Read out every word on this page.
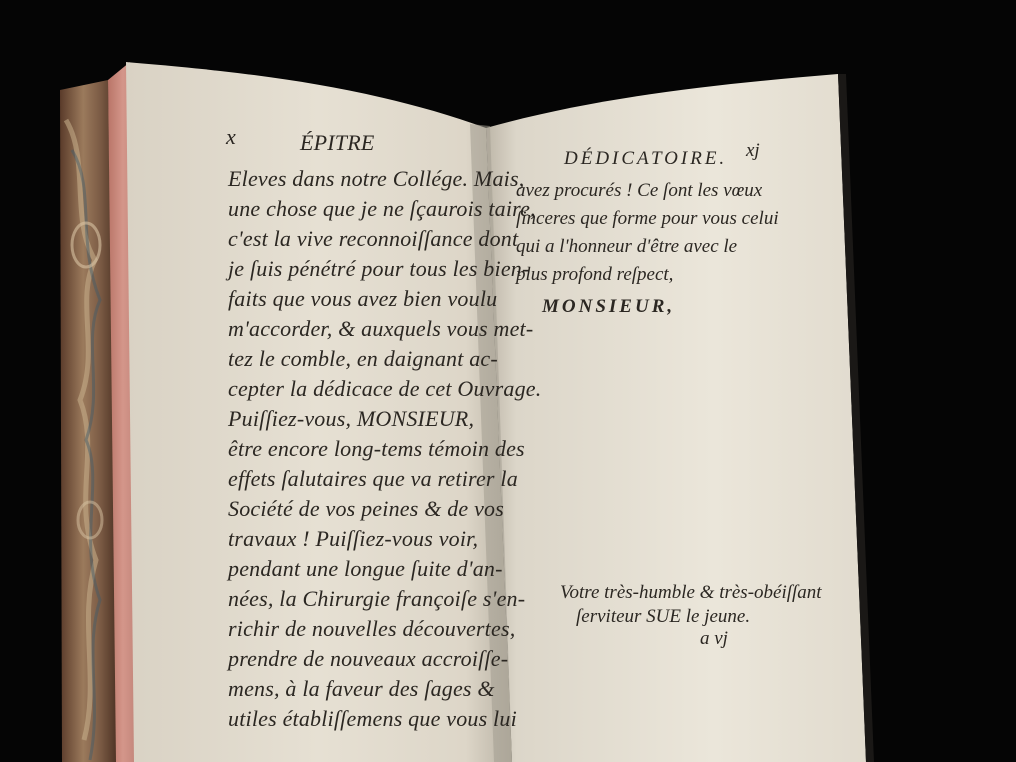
x	ÉPITRE
Eleves dans notre Collége. Mais,
une chose que je ne ſçaurois taire,
c'est la vive reconnoiſſance dont
je ſuis pénétré pour tous les bien-
faits que vous avez bien voulu
m'accorder, & auxquels vous met-
tez le comble, en daignant ac-
cepter la dédicace de cet Ouvrage.
Puiſſiez-vous, MONSIEUR,
être encore long-tems témoin des
effets ſalutaires que va retirer la
Société de vos peines & de vos
travaux ! Puiſſiez-vous voir,
pendant une longue ſuite d'an-
nées, la Chirurgie françoiſe s'en-
richir de nouvelles découvertes,
prendre de nouveaux accroiſſe-
mens, à la faveur des ſages &
utiles établiſſemens que vous lui
DÉDICATOIRE. xj
avez procurés ! Ce ſont les vœux
ſinceres que forme pour vous celui
qui a l'honneur d'être avec le
plus profond reſpect,
MONSIEUR,
Votre très-humble & très-obéiſſant
ſerviteur SUE le jeune.
a vj
